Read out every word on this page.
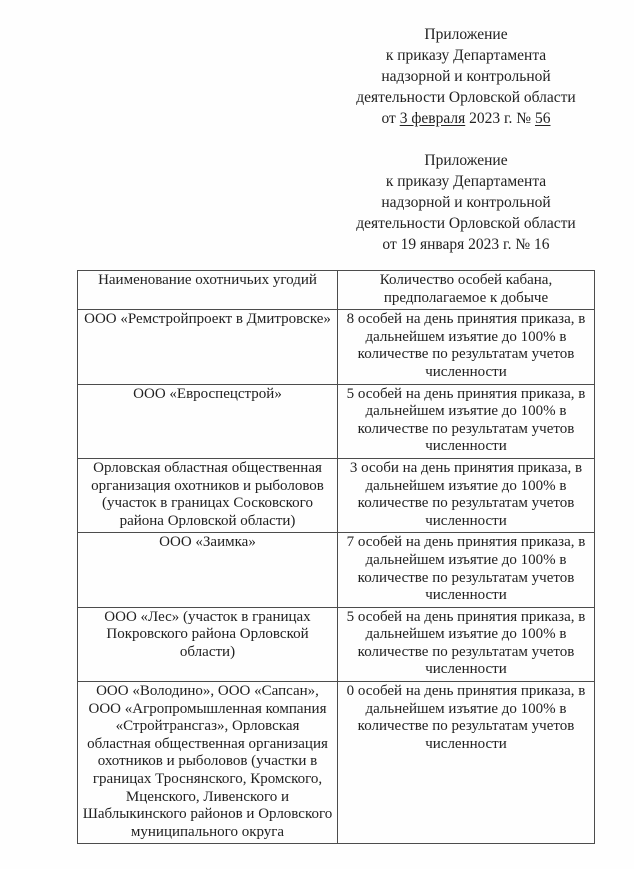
Приложение
к приказу Департамента
надзорной и контрольной
деятельности Орловской области
от 3 февраля 2023 г. № 56
Приложение
к приказу Департамента
надзорной и контрольной
деятельности Орловской области
от 19 января 2023 г. № 16
Наименование охотничьих угодий	Количество особей кабана, предполагаемое к добыче
ООО «Ремстройпроект в Дмитровске»	8 особей на день принятия приказа, в дальнейшем изъятие до 100% в количестве по результатам учетов численности
ООО «Евроспецстрой»	5 особей на день принятия приказа, в дальнейшем изъятие до 100% в количестве по результатам учетов численности
Орловская областная общественная организация охотников и рыболовов (участок в границах Сосковского района Орловской области)	3 особи на день принятия приказа, в дальнейшем изъятие до 100% в количестве по результатам учетов численности
ООО «Заимка»	7 особей на день принятия приказа, в дальнейшем изъятие до 100% в количестве по результатам учетов численности
ООО «Лес» (участок в границах Покровского района Орловской области)	5 особей на день принятия приказа, в дальнейшем изъятие до 100% в количестве по результатам учетов численности
ООО «Володино», ООО «Сапсан», ООО «Агропромышленная компания «Стройтрансгаз», Орловская областная общественная организация охотников и рыболовов (участки в границах Троснянского, Кромского, Мценского, Ливенского и Шаблыкинского районов и Орловского муниципального округа	0 особей на день принятия приказа, в дальнейшем изъятие до 100% в количестве по результатам учетов численности
